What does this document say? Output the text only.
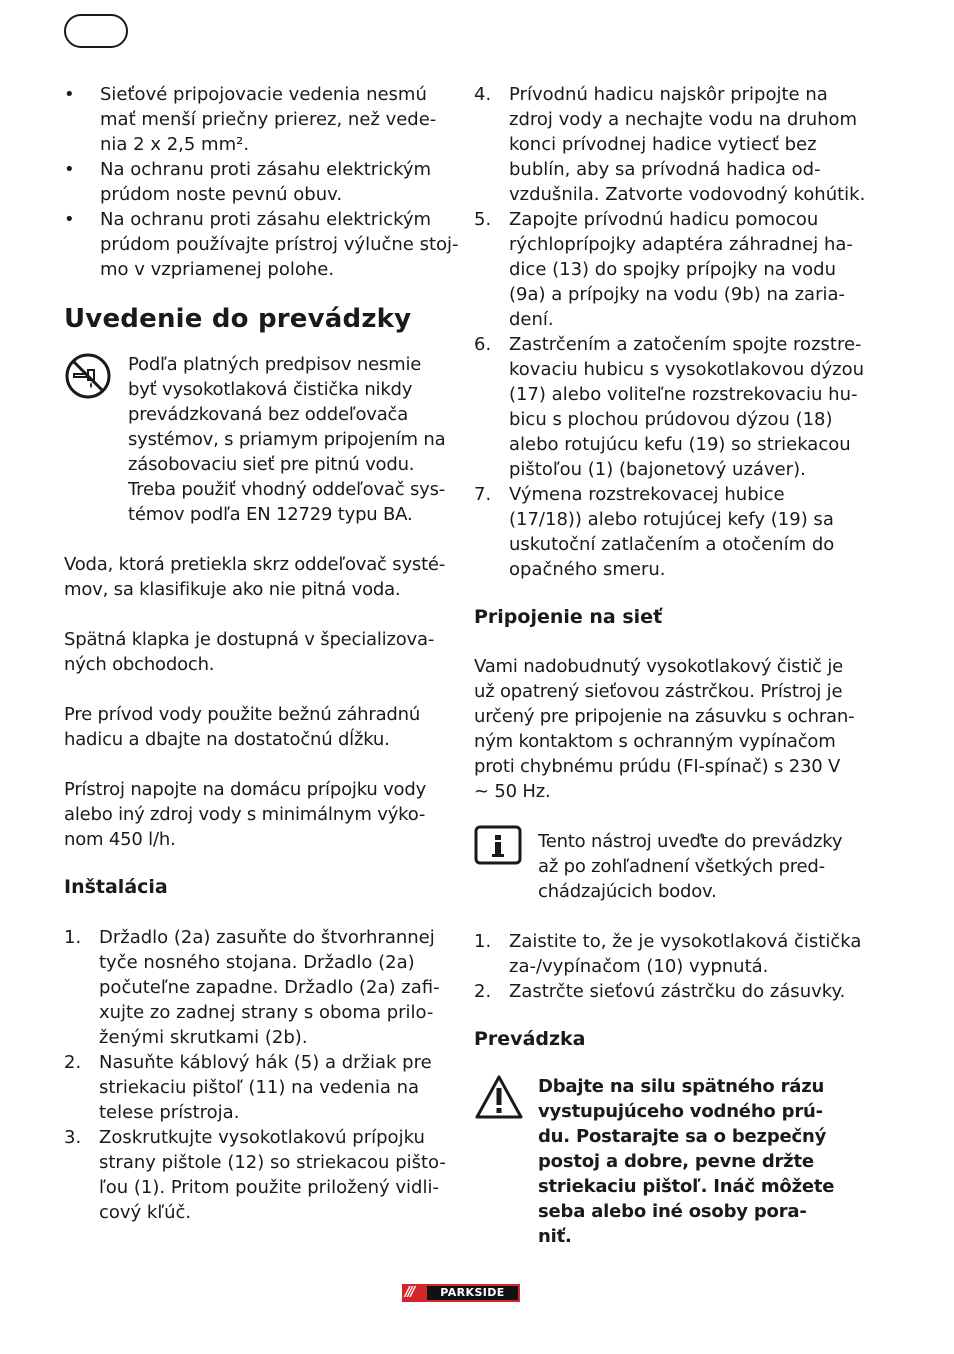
• Sieťové pripojovacie vedenia nesmú
mať menší priečny prierez, než vede-
nia 2 x 2,5 mm².
• Na ochranu proti zásahu elektrickým
prúdom noste pevnú obuv.
• Na ochranu proti zásahu elektrickým
prúdom používajte prístroj výlučne stoj-
mo v vzpriamenej polohe.
Uvedenie do prevádzky

Podľa platných predpisov nesmie
byť vysokotlaková čistička nikdy
prevádzkovaná bez oddeľovača
systémov, s priamym pripojením na
zásobovaciu sieť pre pitnú vodu.
Treba použiť vhodný oddeľovač sys-
témov podľa EN 12729 typu BA.

Voda, ktorá pretiekla skrz oddeľovač systé-
mov, sa klasifikuje ako nie pitná voda.

Spätná klapka je dostupná v špecializova-
ných obchodoch.

Pre prívod vody použite bežnú záhradnú
hadicu a dbajte na dostatočnú dĺžku.

Prístroj napojte na domácu prípojku vody
alebo iný zdroj vody s minimálnym výko-
nom 450 l/h.

Inštalácia
1. Držadlo (2a) zasuňte do štvorhrannej
tyče nosného stojana. Držadlo (2a)
počuteľne zapadne. Držadlo (2a) zafi-
xujte zo zadnej strany s oboma prilo-
ženými skrutkami (2b).
2. Nasuňte káblový hák (5) a držiak pre
striekaciu pištoľ (11) na vedenia na
telese prístroja.
3. Zoskrutkujte vysokotlakovú prípojku
strany pištole (12) so striekacou pišto-
ľou (1). Pritom použite priložený vidli-
cový kľúč.
4. Prívodnú hadicu najskôr pripojte na
zdroj vody a nechajte vodu na druhom
konci prívodnej hadice vytiecť bez
bublín, aby sa prívodná hadica od-
vzdušnila. Zatvorte vodovodný kohútik.
5. Zapojte prívodnú hadicu pomocou
rýchloprípojky adaptéra záhradnej ha-
dice (13) do spojky prípojky na vodu
(9a) a prípojky na vodu (9b) na zaria-
dení.
6. Zastrčením a zatočením spojte rozstre-
kovaciu hubicu s vysokotlakovou dýzou
(17) alebo voliteľne rozstrekovaciu hu-
bicu s plochou prúdovou dýzou (18)
alebo rotujúcu kefu (19) so striekacou
pištoľou (1) (bajonetový uzáver).
7. Výmena rozstrekovacej hubice
(17/18)) alebo rotujúcej kefy (19) sa
uskutoční zatlačením a otočením do
opačného smeru.
Pripojenie na sieť

Vami nadobudnutý vysokotlakový čistič je
už opatrený sieťovou zástrčkou. Prístroj je
určený pre pripojenie na zásuvku s ochran-
ným kontaktom s ochranným vypínačom
proti chybnému prúdu (FI-spínač) s 230 V
~ 50 Hz.

Tento nástroj uveďte do prevádzky
až po zohľadnení všetkých pred-
chádzajúcich bodov.

1. Zaistite to, že je vysokotlaková čistička
za-/vypínačom (10) vypnutá.
2. Zastrčte sieťovú zástrčku do zásuvky.
Prevádzka

Dbajte na silu spätného rázu
vystupujúceho vodného prú-
du. Postarajte sa o bezpečný
postoj a dobre, pevne držte
striekaciu pištoľ. Ináč môžete
seba alebo iné osoby pora-
niť.

///	PARKSIDE
